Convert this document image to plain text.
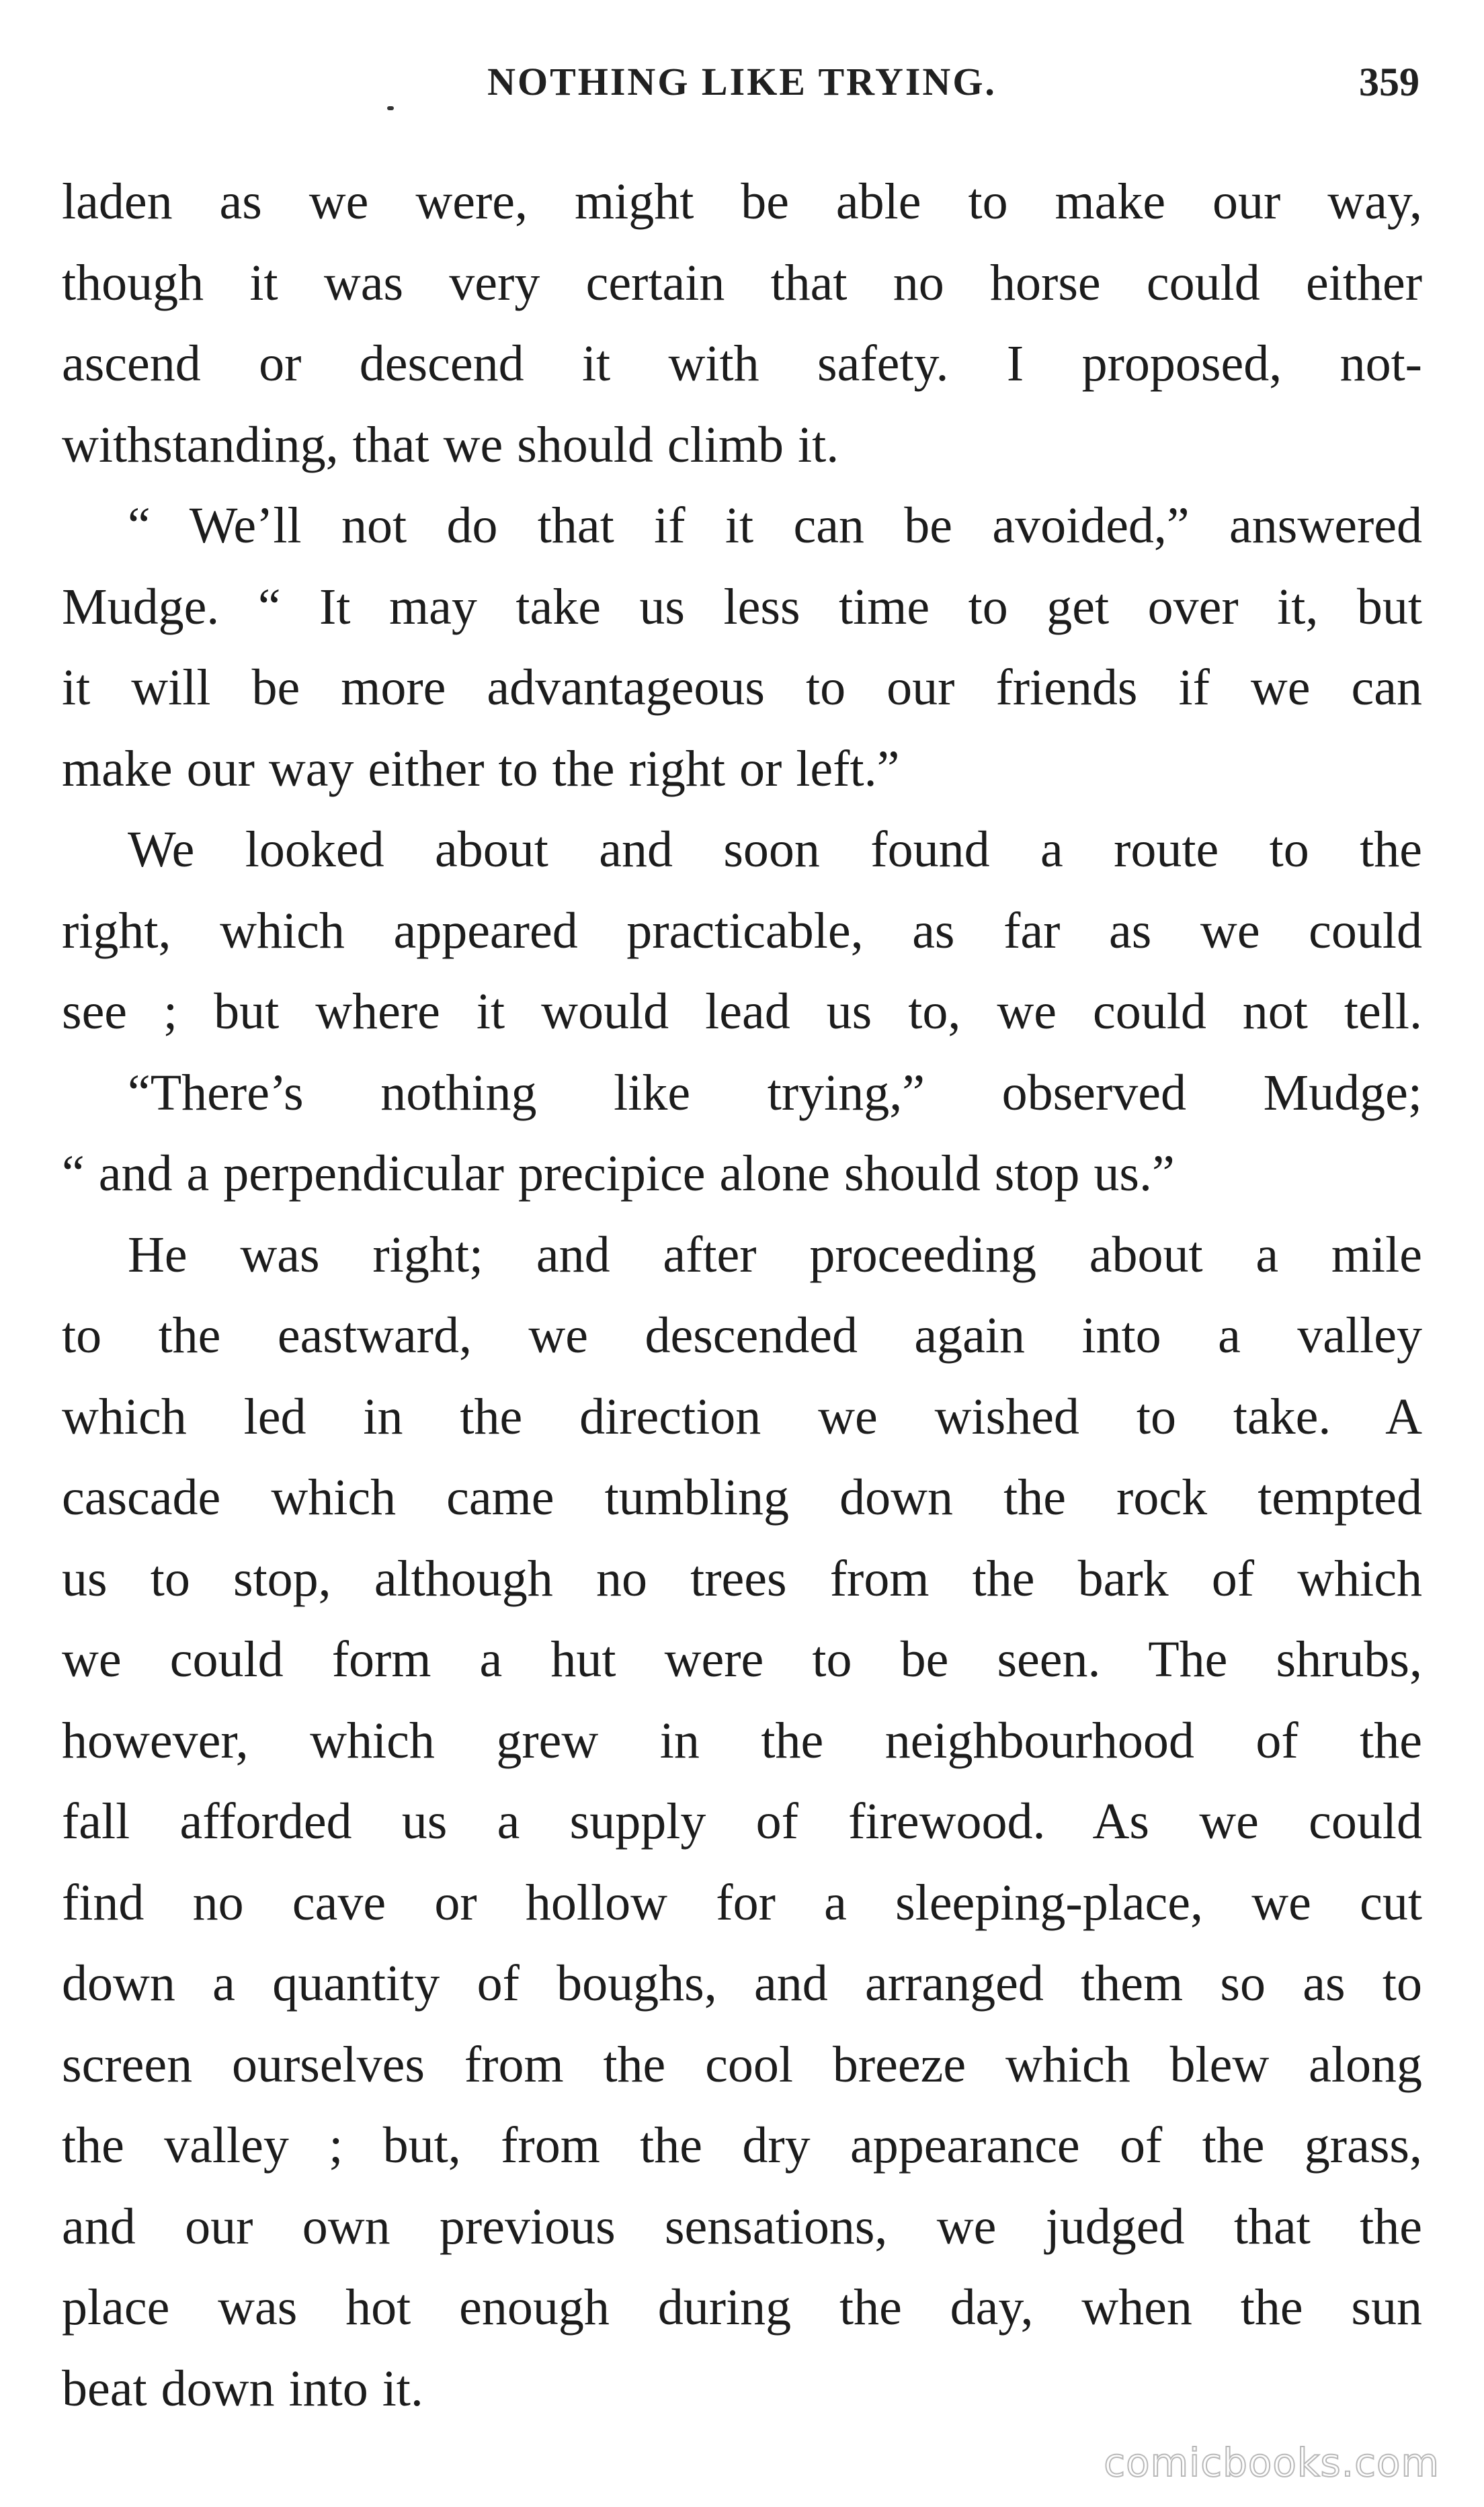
NOTHING LIKE TRYING.	359
laden as we were, might be able to make our way,
though it was very certain that no horse could either
ascend or descend it with safety. I proposed, not-
withstanding, that we should climb it.
“ We’ll not do that if it can be avoided,” answered
Mudge. “ It may take us less time to get over it, but
it will be more advantageous to our friends if we can
make our way either to the right or left.”
We looked about and soon found a route to the
right, which appeared practicable, as far as we could
see ; but where it would lead us to, we could not tell.
“There’s nothing like trying,” observed Mudge;
“ and a perpendicular precipice alone should stop us.”
He was right; and after proceeding about a mile
to the eastward, we descended again into a valley
which led in the direction we wished to take. A
cascade which came tumbling down the rock tempted
us to stop, although no trees from the bark of which
we could form a hut were to be seen. The shrubs,
however, which grew in the neighbourhood of the
fall afforded us a supply of firewood. As we could
find no cave or hollow for a sleeping-place, we cut
down a quantity of boughs, and arranged them so as to
screen ourselves from the cool breeze which blew along
the valley ; but, from the dry appearance of the grass,
and our own previous sensations, we judged that the
place was hot enough during the day, when the sun
beat down into it.
comicbooks.com
